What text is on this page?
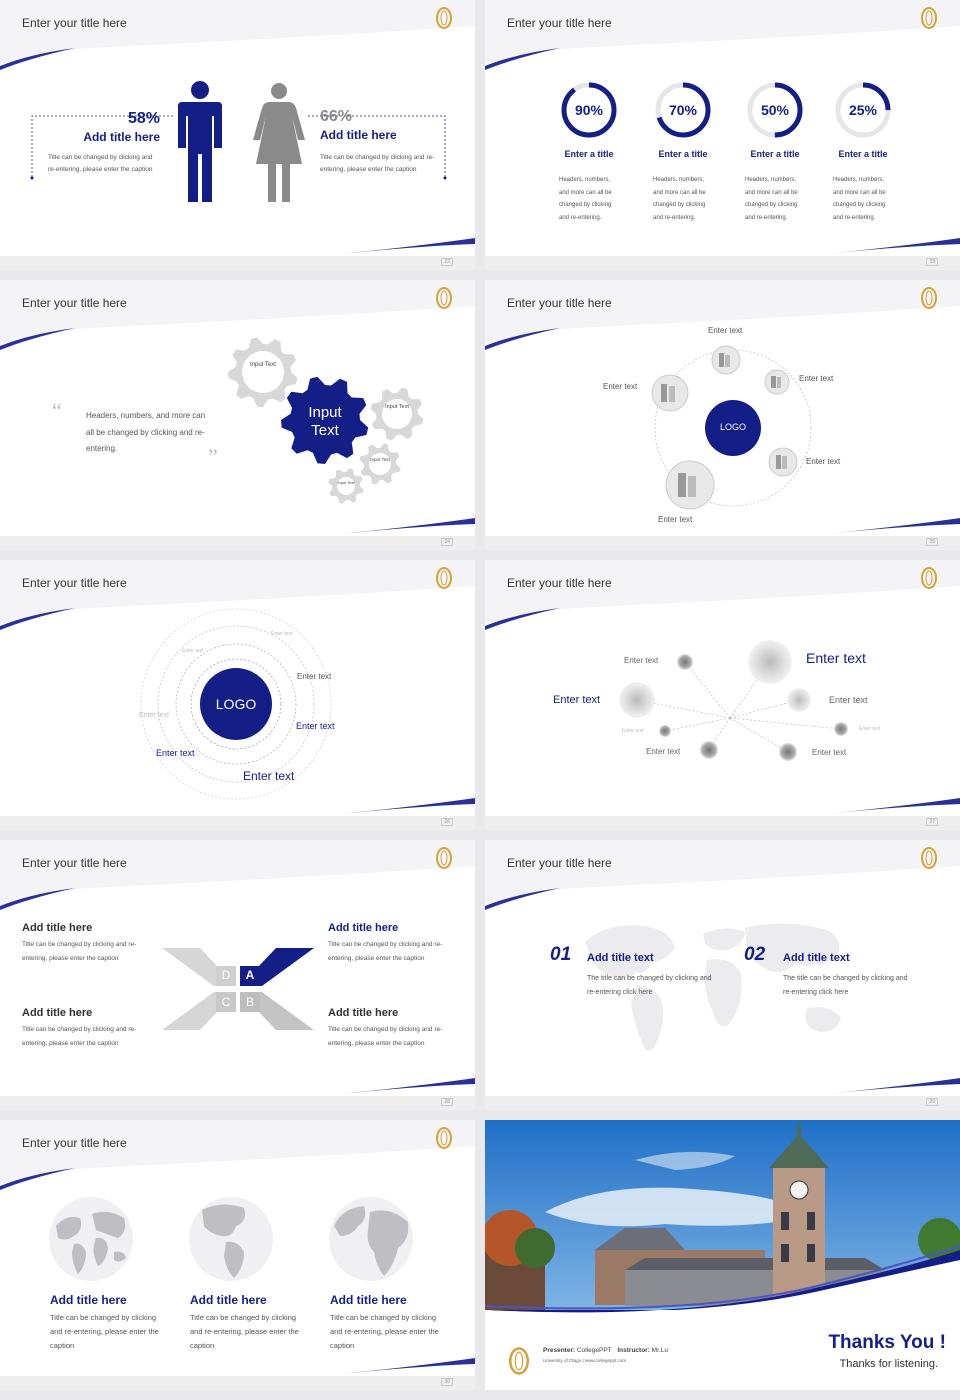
Enter your title here
58%
Add title here
Title can be changed by clicking and re-entering, please enter the caption
66%
Add title here
Title can be changed by clicking and re-entering, please enter the caption
22
Enter your title here
90%
Enter a title
Headers, numbers, and more can all be changed by clicking and re-entering.
70%
Enter a title
Headers, numbers, and more can all be changed by clicking and re-entering.
50%
Enter a title
Headers, numbers, and more can all be changed by clicking and re-entering.
25%
Enter a title
Headers, numbers, and more can all be changed by clicking and re-entering.
23
Enter your title here
“	Headers, numbers, and more can all be changed by clicking and re-entering.	”
Input Text
Input Text
Input Text
Input Text
Input Text
24
Enter your title here
LOGO
Enter text
Enter text
Enter text
Enter text
Enter text
25
Enter your title here
LOGO
Enter text
Enter text
Enter text
Enter text
Enter text
Enter text
Enter text
26
Enter your title here
Enter text	Enter text
Enter text	Enter text
Enter text	Enter text
Enter text	Enter text
27
Enter your title here
Add title here
Title can be changed by clicking and re-entering, please enter the caption
Add title here
Title can be changed by clicking and re-entering, please enter the caption
Add title here
Title can be changed by clicking and re-entering, please enter the caption
Add title here
Title can be changed by clicking and re-entering, please enter the caption
D	A
C	B
28
Enter your title here
01 Add title text
The title can be changed by clicking and re-entering click here
02 Add title text
The title can be changed by clicking and re-entering click here
29
Enter your title here
Add title here
Title can be changed by clicking and re-entering, please enter the caption
Add title here
Title can be changed by clicking and re-entering, please enter the caption
Add title here
Title can be changed by clicking and re-entering, please enter the caption
30
Presenter: CollegePPT Instructor: Mr.Lu
University of Otago | www.collegeppt.com
Thanks You !
Thanks for listening.
